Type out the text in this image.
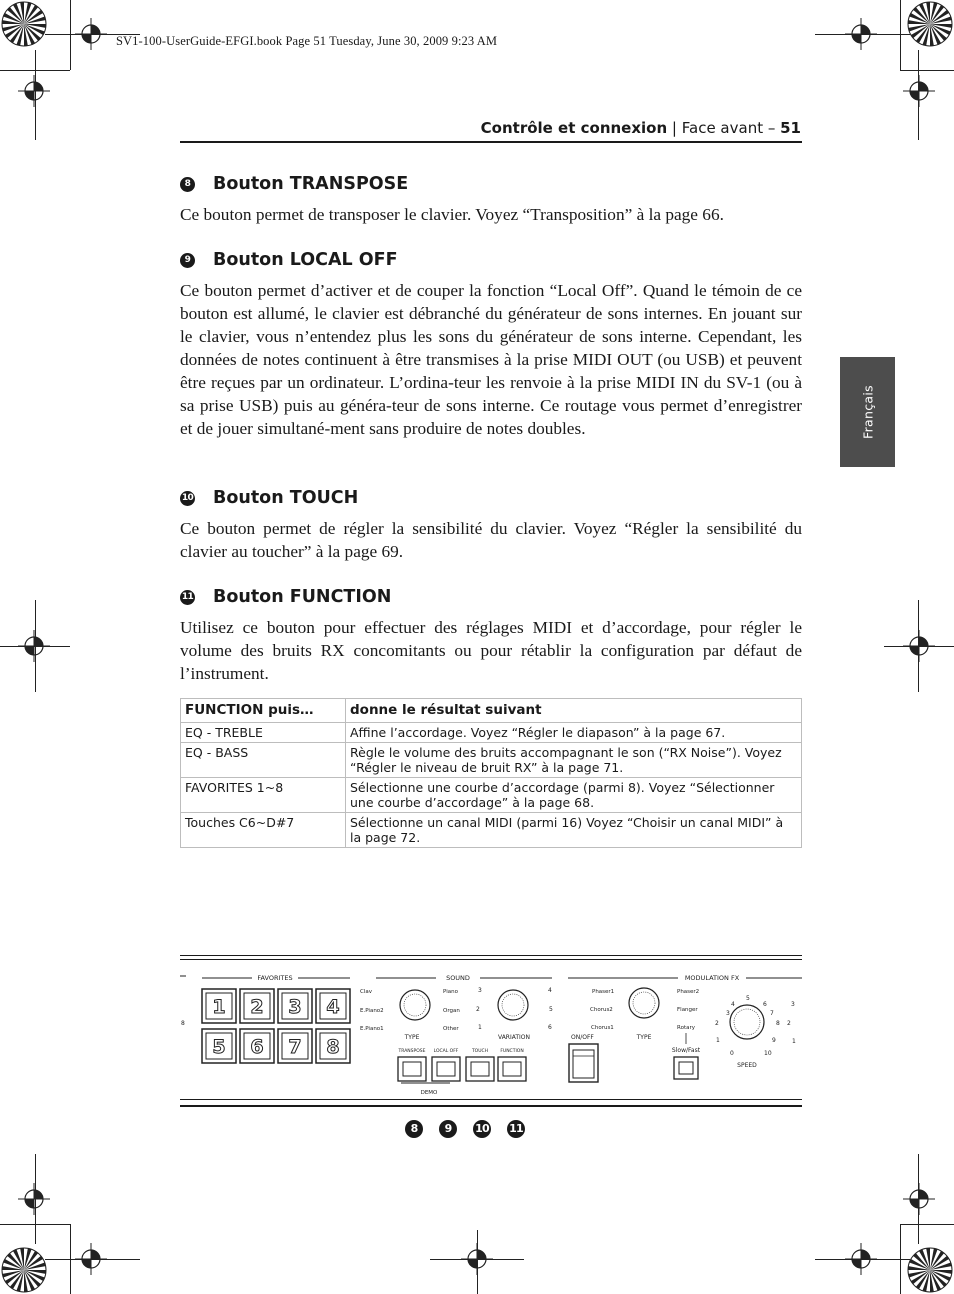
SV1-100-UserGuide-EFGI.book Page 51 Tuesday, June 30, 2009 9:23 AM
Contrôle et connexion | Face avant – 51
Français
8 Bouton TRANSPOSE

Ce bouton permet de transposer le clavier. Voyez “Transposition” à la page 66.

9 Bouton LOCAL OFF

Ce bouton permet d’activer et de couper la fonction “Local Off”. Quand le témoin de ce bouton est allumé, le clavier est débranché du générateur de sons internes. En jouant sur le clavier, vous n’entendez plus les sons du générateur de sons interne. Cependant, les données de notes continuent à être transmises à la prise MIDI OUT (ou USB) et peuvent être reçues par un ordinateur. L’ordina-teur les renvoie à la prise MIDI IN du SV-1 (ou à sa prise USB) puis au généra-teur de sons interne. Ce routage vous permet d’enregistrer et de jouer simultané-ment sans produire de notes doubles.

10 Bouton TOUCH

Ce bouton permet de régler la sensibilité du clavier. Voyez “Régler la sensibilité du clavier au toucher” à la page 69.

11 Bouton FUNCTION

Utilisez ce bouton pour effectuer des réglages MIDI et d’accordage, pour régler le volume des bruits RX concomitants ou pour rétablir la configuration par défaut de l’instrument.

FUNCTION puis…	donne le résultat suivant
EQ - TREBLE	Affine l’accordage. Voyez “Régler le diapason” à la page 67.
EQ - BASS	Règle le volume des bruits accompagnant le son (“RX Noise”). Voyez “Régler le niveau de bruit RX” à la page 71.
FAVORITES 1~8	Sélectionne une courbe d’accordage (parmi 8). Voyez “Sélectionner une courbe d’accordage” à la page 68.
Touches C6~D#7	Sélectionne un canal MIDI (parmi 16) Voyez “Choisir un canal MIDI” à la page 72.
8
FAVORITES
1 2 3 4
5 6 7 8
SOUND
Clav
E.Piano2
E.Piano1
Piano
Organ
Other
TYPE
3	4
2	5
1	6
VARIATION
TRANSPOSE LOCAL OFF	TOUCH	FUNCTION
DEMO
ON/OFF
MODULATION FX
Phaser1
Chorus2
Chorus1
Phaser2
Flanger
Rotary
TYPE
Slow/Fast
5
4	6
3	7
2	8
1	9
0	10
SPEED
3
2
1
8	9	10 11
